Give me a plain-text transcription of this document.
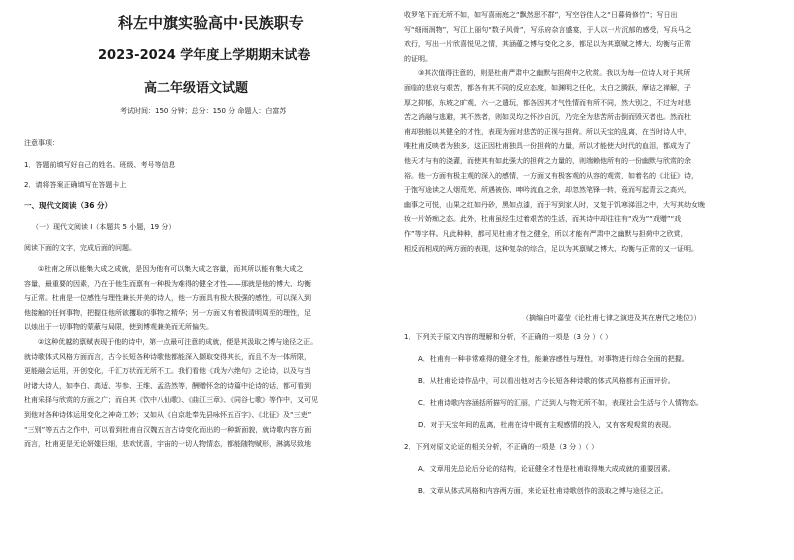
科左中旗实验高中·民族职专
2023-2024 学年度上学期期末试卷
高二年级语文试题
考试时间：150 分钟；总分：150 分 命题人：白富苏
注意事项：
1．答题前填写好自己的姓名、班级、考号等信息
2．请将答案正确填写在答题卡上
一、现代文阅读（36 分）
（一）现代文阅读 I（本题共 5 小题，19 分）
阅读下面的文字，完成后面的问题。
①杜甫之所以能集大成之成就，是因为他有可以集大成之容量，而其所以能有集大成之
容量，最重要的因素，乃在于他生而禀有一种极为难得的健全才性——那就是他的博大、均衡
与正常。杜甫是一位感性与理性兼长并美的诗人，他一方面具有极大极强的感性，可以深入到
他接触的任何事物，把握住他所欲攫取的事物之精华；另一方面又有着极清明周至的理性，足
以烛出于一切事物的蒙蔽与局限，使到博观兼美而无所偏失。
②这种优越的禀赋表现于他的诗中，第一点最可注意的成就，便是其汲取之博与途径之正。
就诗歌体式风格方面而言，古今长短各种诗歌他都能深入撷取变得其长，而且不为一体所限，
更能融会运用，开创变化，千汇万状而无所不工。我们看他《戏为六绝句》之论诗，以及与当
时诸大诗人，如李白、高适、岑参、王维、孟浩然等，酬赠怀念的诗篇中论诗的话，都可看到
杜甫采择与欣赏的方面之广；而自其《饮中八仙歌》、《曲江三章》、《同谷七歌》等作中，又可见
到他对各种诗体运用变化之神奇工妙；又如从《自京赴奉先县咏怀五百字》、《北征》及“三吏”
“三别”等五古之作中，可以看到杜甫自汉魏五言古诗变化而出的一种新面貌，就诗歌内容方面
而言，杜甫更是无论妍媸巨细，悲欢忧喜，宇宙的一切人物情态，都能随物赋形，淋漓尽致地
收罗笔下而无所不如，如写喜雨庭之“飘然思不群”，写空谷佳人之“日暮倚修竹”；写日出
写“细雨润物”，写江上丽句“数子风骨”，写乐府杂言盛宴，于人以一片沉郁的感受，写兵马之
欢行，写出一片欣喜悦见之情，其涵蕴之博与变化之多，都足以为其禀赋之博大、均衡与正常
的证明。
③其次值得注意的，则是杜甫严肃中之幽默与担荷中之欣赏。我以为每一位诗人对于其所
面临的悲哀与艰苦，都各有其不同的反应态度，如渊明之任化，太白之腾跃，摩诘之禅解，子
厚之抑郁，东坡之旷观，六一之遣玩，都各因其才气性情而有所不同，然大别之，不过为对悲
苦之消融与逃避，其不然者，则如灵均之怀沙自沉，乃完全为悲苦所击倒而毁灭者也。然而杜
甫却独能以其健全的才性，表现为面对悲苦的正视与担荷。所以天宝的乱离，在当时诗人中，
唯杜甫反映者为独多，这正因杜甫独具一份担荷的力量，所以才能使大时代的血泪，都成为了
他天才与有的浇灌，而使其有如此强大的担荷之力量的，则端赖他所有的一份幽默与欣赏的余
裕。他一方面有极主观的深入的感情，一方面又有极客观的从容的观赏，如着名的《北征》诗，
于饱写途读之人烟荒芜、所遇被伤、呻吟流血之余，却忽然笔锋一转，竟而写起青云之高兴，
幽事之可悦，山果之红如丹砂，黑如点漆，而于写到家人时，又复于饥寒涕泪之中，大写其幼女晚
妆一片娇痴之态。此外，杜甫虽经生过着艰苦的生活，而其诗中却往往有“戏为”“戏赠”“戏
作”等字样。凡此种种，都可见杜甫才性之健全，所以才能有严肃中之幽默与担荷中之欣赏，
相反而相成的两方面的表现，这种复杂的综合，足以为其禀赋之博大、均衡与正常的又一证明。
（摘编自叶嘉莹《论杜甫七律之演进及其在唐代之地位》）
1．下列关于原文内容的理解和分析，不正确的一项是（3 分 ）（ ）
A．杜甫有一种非常难得的健全才性，能兼容感性与理性，对事物进行综合全面的把握。
B．从杜甫论诗作品中，可以看出他对古今长短各种诗歌的体式风格都有正面评价。
C．杜甫诗歌内容涵括所描写的汇丽，广泛到人与物无所不如，表现社会生活与个人情物态。
D．对于天宝年间的乱离，杜甫在诗中既有主观感情的投入，又有客观观赏的表现。
2．下列对原文论证的相关分析，不正确的一项是（3 分 ）（ ）
A．文章用先总论后分论的结构，论证健全才性是杜甫取得集大成成就的重要因素。
B．文章从体式风格和内容两方面，来论证杜甫诗歌创作的汲取之博与途径之正。
